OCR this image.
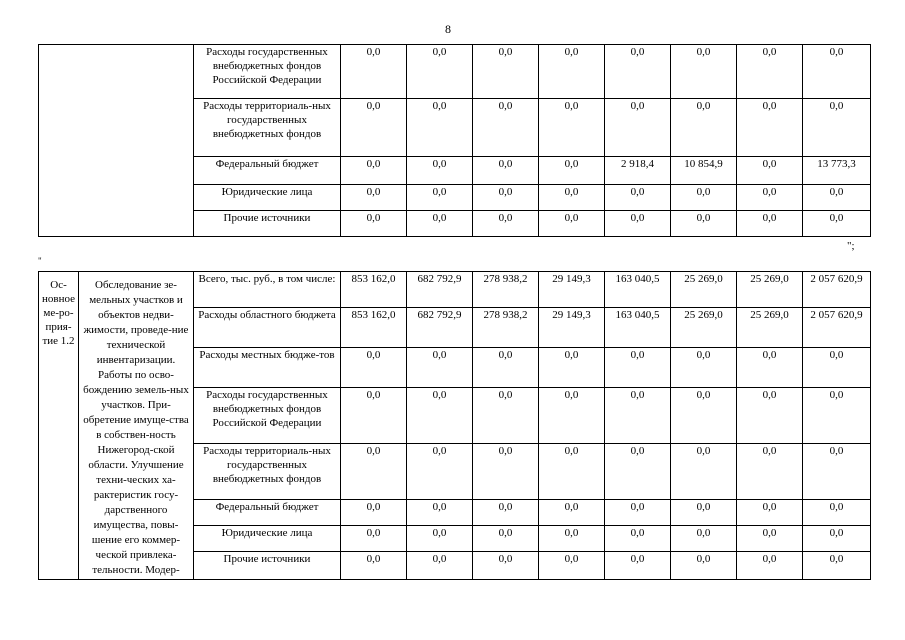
8
	Расходы государственных внебюджетных фондов Российской Федерации	0,0	0,0	0,0	0,0	0,0	0,0	0,0	0,0
	Расходы территориаль-ных государственных внебюджетных фондов	0,0	0,0	0,0	0,0	0,0	0,0	0,0	0,0
	Федеральный бюджет	0,0	0,0	0,0	0,0	2 918,4	10 854,9	0,0	13 773,3
	Юридические лица	0,0	0,0	0,0	0,0	0,0	0,0	0,0	0,0
	Прочие источники	0,0	0,0	0,0	0,0	0,0	0,0	0,0	0,0
"
";
Ос-новное ме-ро-прия-тие 1.2	Обследование зе-мельных участков и объектов недви-жимости, проведе-ние технической инвентаризации. Работы по осво-бождению земель-ных участков. При-обретение имуще-ства в собствен-ность Нижегород-ской области. Улучшение техни-ческих ха-рактеристик госу-дарственного имущества, повы-шение его коммер-ческой привлека-тельности. Модер-	Всего, тыс. руб., в том числе:	853 162,0	682 792,9	278 938,2	29 149,3	163 040,5	25 269,0	25 269,0	2 057 620,9
		Расходы областного бюджета	853 162,0	682 792,9	278 938,2	29 149,3	163 040,5	25 269,0	25 269,0	2 057 620,9
		Расходы местных бюдже-тов	0,0	0,0	0,0	0,0	0,0	0,0	0,0	0,0
		Расходы государственных внебюджетных фондов Российской Федерации	0,0	0,0	0,0	0,0	0,0	0,0	0,0	0,0
		Расходы территориаль-ных государственных внебюджетных фондов	0,0	0,0	0,0	0,0	0,0	0,0	0,0	0,0
		Федеральный бюджет	0,0	0,0	0,0	0,0	0,0	0,0	0,0	0,0
		Юридические лица	0,0	0,0	0,0	0,0	0,0	0,0	0,0	0,0
		Прочие источники	0,0	0,0	0,0	0,0	0,0	0,0	0,0	0,0
